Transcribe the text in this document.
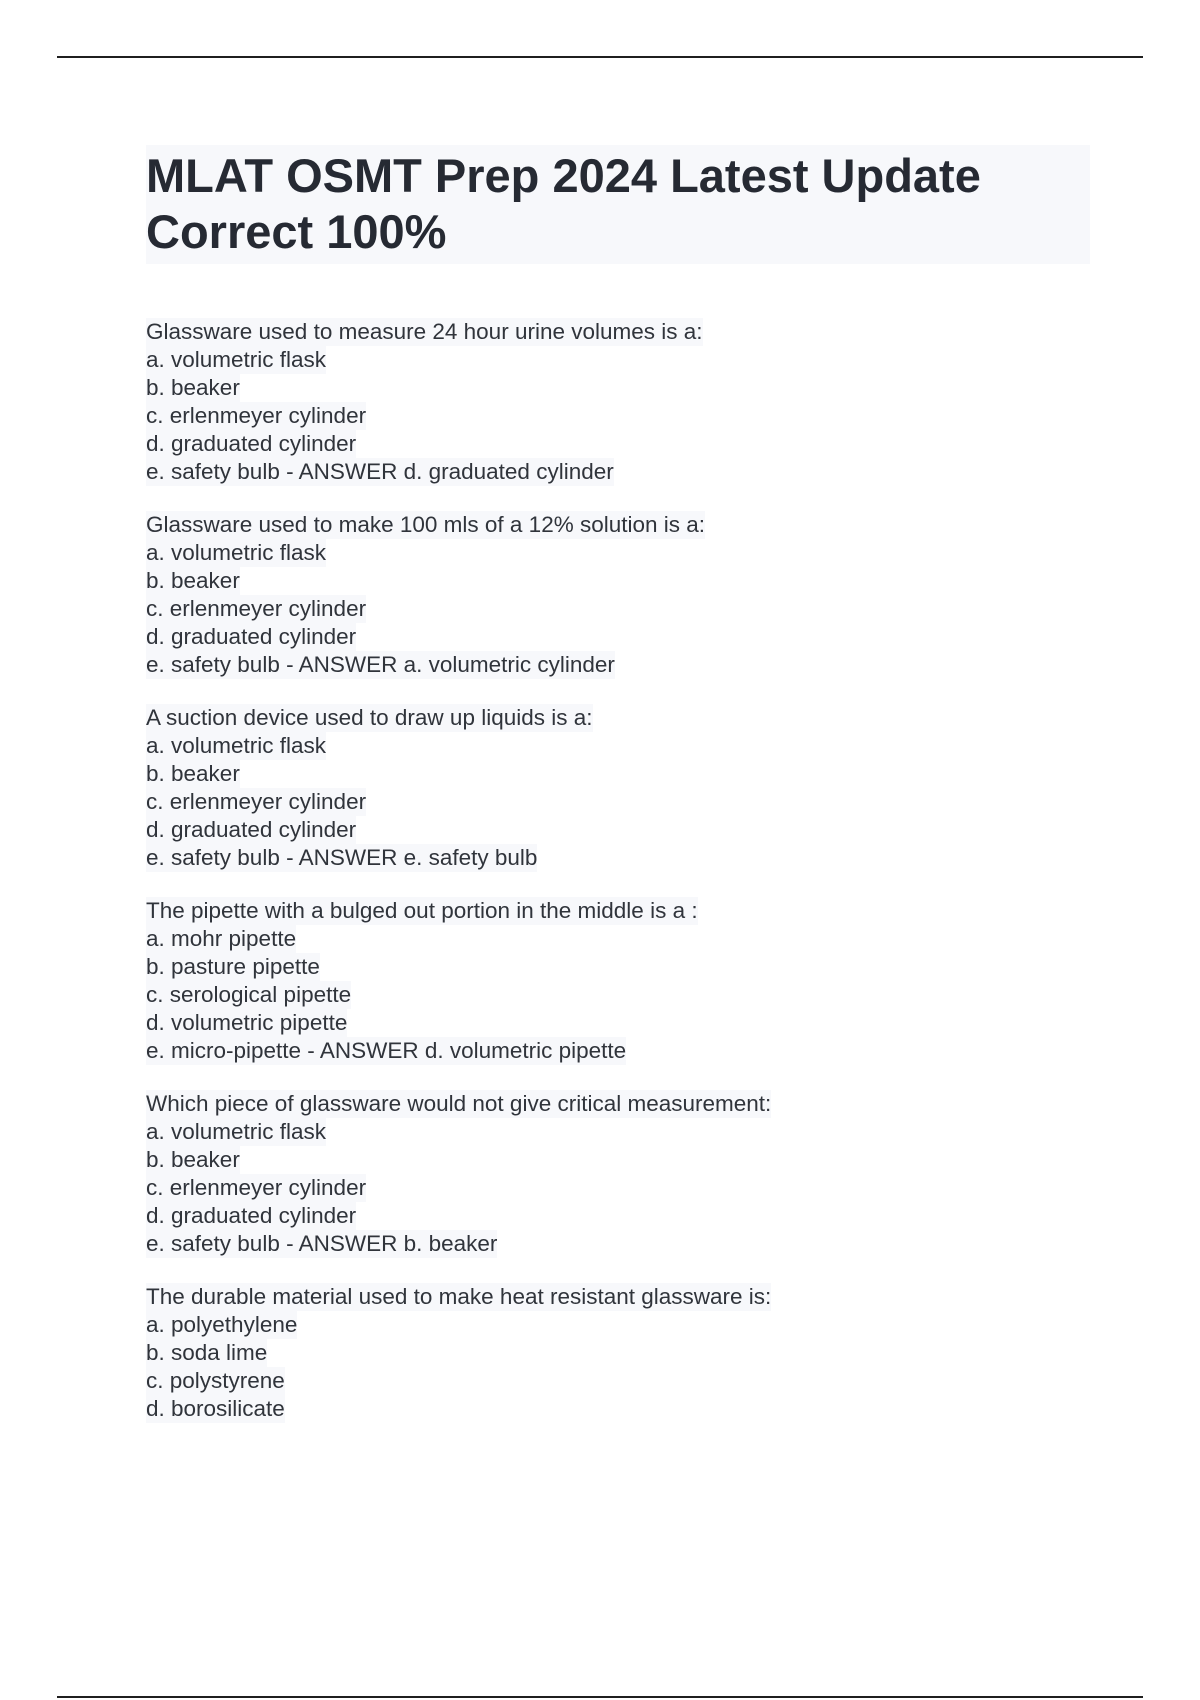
MLAT OSMT Prep 2024 Latest Update Correct 100%
Glassware used to measure 24 hour urine volumes is a:
a. volumetric flask
b. beaker
c. erlenmeyer cylinder
d. graduated cylinder
e. safety bulb - ANSWER d. graduated cylinder
Glassware used to make 100 mls of a 12% solution is a:
a. volumetric flask
b. beaker
c. erlenmeyer cylinder
d. graduated cylinder
e. safety bulb - ANSWER a. volumetric cylinder
A suction device used to draw up liquids is a:
a. volumetric flask
b. beaker
c. erlenmeyer cylinder
d. graduated cylinder
e. safety bulb - ANSWER e. safety bulb
The pipette with a bulged out portion in the middle is a :
a. mohr pipette
b. pasture pipette
c. serological pipette
d. volumetric pipette
e. micro-pipette - ANSWER d. volumetric pipette
Which piece of glassware would not give critical measurement:
a. volumetric flask
b. beaker
c. erlenmeyer cylinder
d. graduated cylinder
e. safety bulb - ANSWER b. beaker
The durable material used to make heat resistant glassware is:
a. polyethylene
b. soda lime
c. polystyrene
d. borosilicate
